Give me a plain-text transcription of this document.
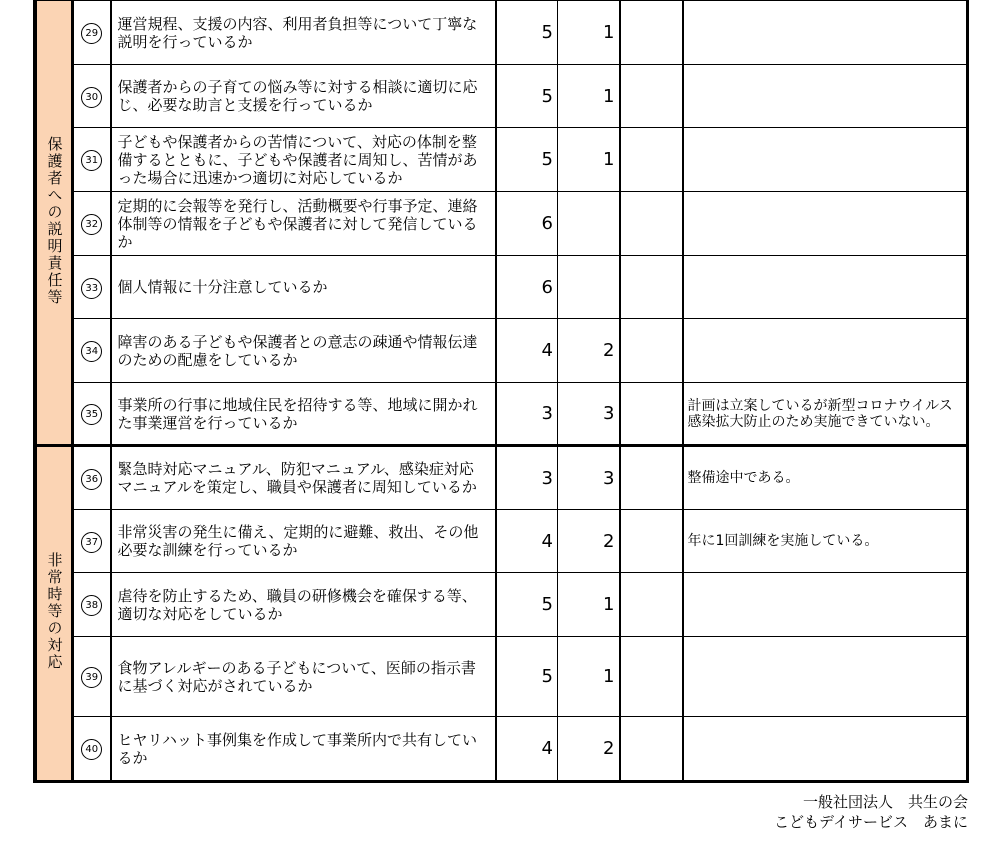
保護者への説明責任等	29	運営規程、支援の内容、利用者負担等について丁寧な説明を行っているか	5	1		
	30	保護者からの子育ての悩み等に対する相談に適切に応じ、必要な助言と支援を行っているか	5	1		
	31	子どもや保護者からの苦情について、対応の体制を整備するとともに、子どもや保護者に周知し、苦情があった場合に迅速かつ適切に対応しているか	5	1		
	32	定期的に会報等を発行し、活動概要や行事予定、連絡体制等の情報を子どもや保護者に対して発信しているか	6			
	33	個人情報に十分注意しているか	6			
	34	障害のある子どもや保護者との意志の疎通や情報伝達のための配慮をしているか	4	2		
	35	事業所の行事に地域住民を招待する等、地域に開かれた事業運営を行っているか	3	3		計画は立案しているが新型コロナウイルス感染拡大防止のため実施できていない。
非常時等の対応	36	緊急時対応マニュアル、防犯マニュアル、感染症対応マニュアルを策定し、職員や保護者に周知しているか	3	3		整備途中である。
	37	非常災害の発生に備え、定期的に避難、救出、その他必要な訓練を行っているか	4	2		年に1回訓練を実施している。
	38	虐待を防止するため、職員の研修機会を確保する等、適切な対応をしているか	5	1		
	39	食物アレルギーのある子どもについて、医師の指示書に基づく対応がされているか	5	1		
	40	ヒヤリハット事例集を作成して事業所内で共有しているか	4	2		
一般社団法人　共生の会
こどもデイサービス　あまに
